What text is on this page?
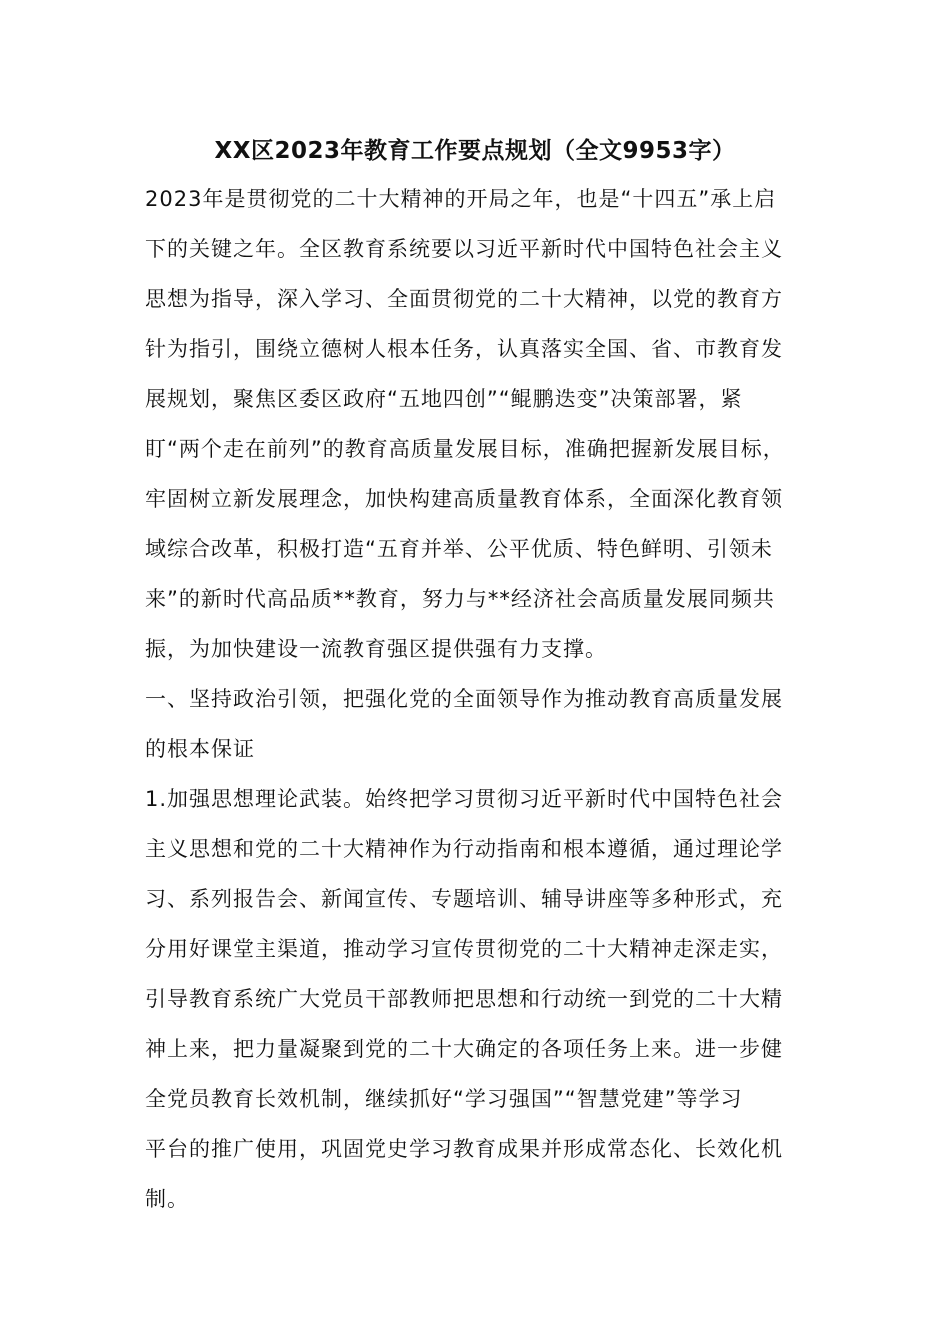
XX区2023年教育工作要点规划（全文9953字）

2023年是贯彻党的二十大精神的开局之年，也是“十四五”承上启

下的关键之年。全区教育系统要以习近平新时代中国特色社会主义

思想为指导，深入学习、全面贯彻党的二十大精神，以党的教育方

针为指引，围绕立德树人根本任务，认真落实全国、省、市教育发

展规划，聚焦区委区政府“五地四创”“鲲鹏迭变”决策部署，紧

盯“两个走在前列”的教育高质量发展目标，准确把握新发展目标，

牢固树立新发展理念，加快构建高质量教育体系，全面深化教育领

域综合改革，积极打造“五育并举、公平优质、特色鲜明、引领未

来”的新时代高品质**教育，努力与**经济社会高质量发展同频共

振，为加快建设一流教育强区提供强有力支撑。

一、坚持政治引领，把强化党的全面领导作为推动教育高质量发展

的根本保证

1.加强思想理论武装。始终把学习贯彻习近平新时代中国特色社会

主义思想和党的二十大精神作为行动指南和根本遵循，通过理论学

习、系列报告会、新闻宣传、专题培训、辅导讲座等多种形式，充

分用好课堂主渠道，推动学习宣传贯彻党的二十大精神走深走实，

引导教育系统广大党员干部教师把思想和行动统一到党的二十大精

神上来，把力量凝聚到党的二十大确定的各项任务上来。进一步健

全党员教育长效机制，继续抓好“学习强国”“智慧党建”等学习

平台的推广使用，巩固党史学习教育成果并形成常态化、长效化机

制。
